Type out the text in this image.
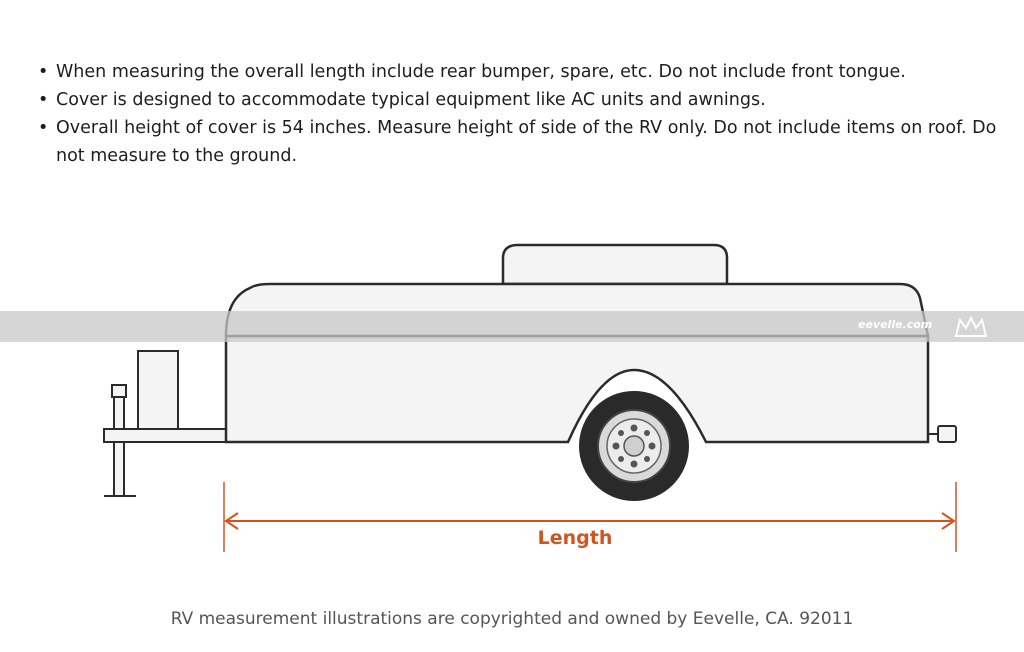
• When measuring the overall length include rear bumper, spare, etc. Do not include front tongue.
• Cover is designed to accommodate typical equipment like AC units and awnings.
• Overall height of cover is 54 inches. Measure height of side of the RV only. Do not include items on roof. Do not measure to the ground.
eevelle.com
Length
RV measurement illustrations are copyrighted and owned by Eevelle, CA. 92011
